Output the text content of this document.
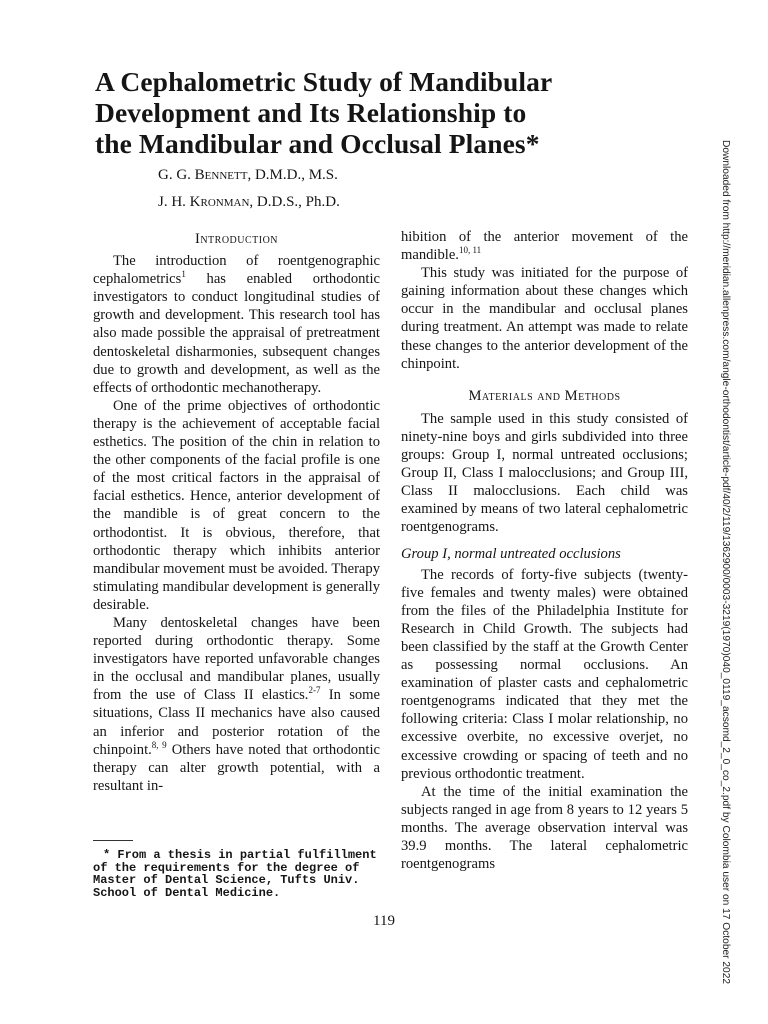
A Cephalometric Study of Mandibular
Development and Its Relationship to
the Mandibular and Occlusal Planes*
G. G. Bennett, D.M.D., M.S.
J. H. Kronman, D.D.S., Ph.D.
Introduction

The introduction of roentgenographic cephalometrics$^1$ has enabled orthodontic investigators to conduct longitudinal studies of growth and development. This research tool has also made possible the appraisal of pretreatment dentoskeletal disharmonies, subsequent changes due to growth and development, as well as the effects of orthodontic mechanotherapy.

One of the prime objectives of orthodontic therapy is the achievement of acceptable facial esthetics. The position of the chin in relation to the other components of the facial profile is one of the most critical factors in the appraisal of facial esthetics. Hence, anterior development of the mandible is of great concern to the orthodontist. It is obvious, therefore, that orthodontic therapy which inhibits anterior mandibular movement must be avoided. Therapy stimulating mandibular development is generally desirable.

Many dentoskeletal changes have been reported during orthodontic therapy. Some investigators have reported unfavorable changes in the occlusal and mandibular planes, usually from the use of Class II elastics.$^{2-7}$ In some situations, Class II mechanics have also caused an inferior and posterior rotation of the chinpoint.$^{8, 9}$ Others have noted that orthodontic therapy can alter growth potential, with a resultant in-

* From a thesis in partial fulfillment of the requirements for the degree of Master of Dental Science, Tufts Univ. School of Dental Medicine.

hibition of the anterior movement of the mandible.$^{10, 11}$

This study was initiated for the purpose of gaining information about these changes which occur in the mandibular and occlusal planes during treatment. An attempt was made to relate these changes to the anterior development of the chinpoint.

Materials and Methods

The sample used in this study consisted of ninety-nine boys and girls subdivided into three groups: Group I, normal untreated occlusions; Group II, Class I malocclusions; and Group III, Class II malocclusions. Each child was examined by means of two lateral cephalometric roentgenograms.

Group I, normal untreated occlusions

The records of forty-five subjects (twenty-five females and twenty males) were obtained from the files of the Philadelphia Institute for Research in Child Growth. The subjects had been classified by the staff at the Growth Center as possessing normal occlusions. An examination of plaster casts and cephalometric roentgenograms indicated that they met the following criteria: Class I molar relationship, no excessive overbite, no excessive overjet, no excessive crowding or spacing of teeth and no previous orthodontic treatment.

At the time of the initial examination the subjects ranged in age from 8 years to 12 years 5 months. The average observation interval was 39.9 months. The lateral cephalometric roentgenograms

119	Downloaded from http://meridian.allenpress.com/angle-orthodontist/article-pdf/40/2/119/1362900/0003-3219(1970)040_0119_acsomd_2_0_co_2.pdf by Colombia user on 17 October 2022
